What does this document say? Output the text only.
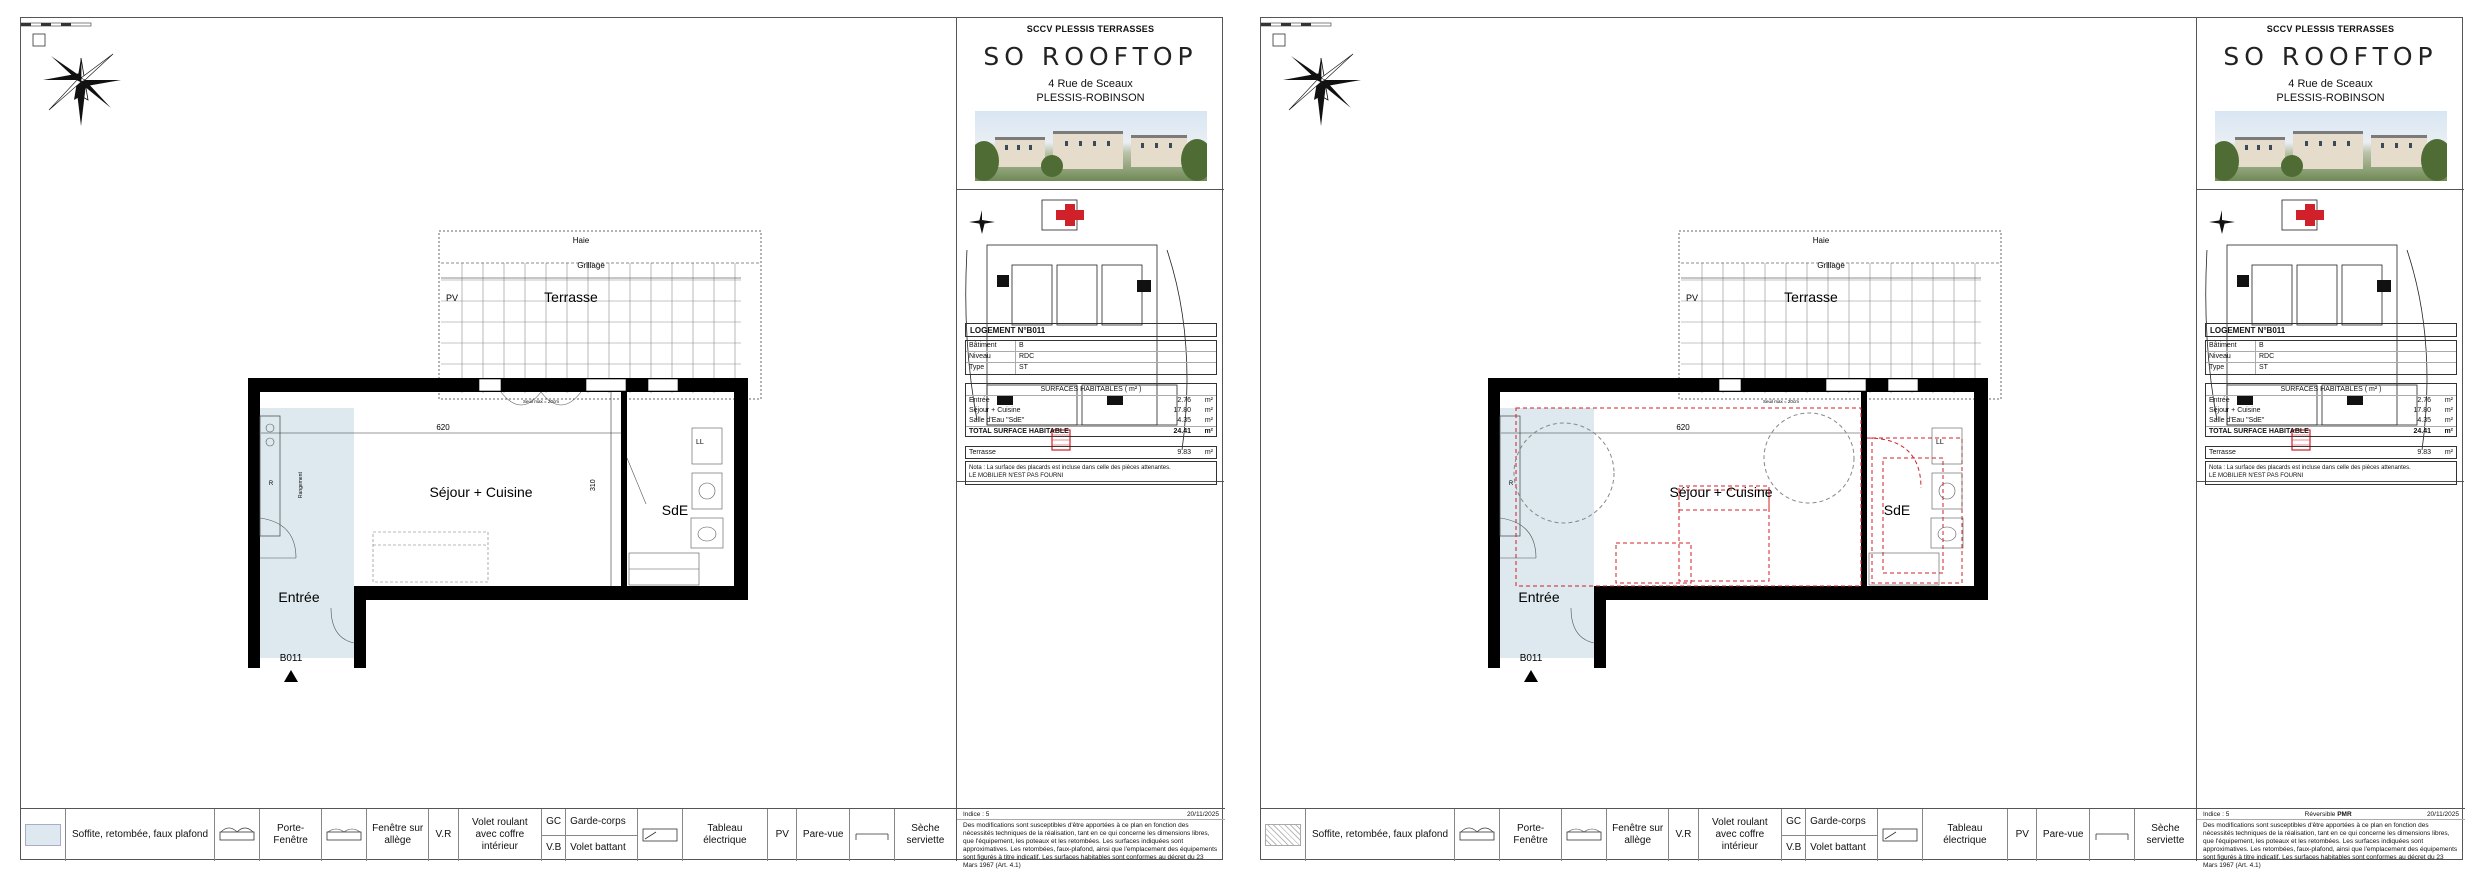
Haie
Grillage
PV	Terrasse
Seuil max = 20cm
R	Rangement
620
310
Séjour + Cuisine
LL
SdE
Entrée
B011
Soffite, retombée, faux plafond
Porte-
Fenêtre
Fenêtre sur
allège
V.R
Volet roulant
avec coffre
intérieur
GC
V.B
Garde-corps
Volet battant
Tableau électrique
PV	Pare-vue
Sèche
serviette
SCCV PLESSIS TERRASSES
SO ROOFTOP
4 Rue de Sceaux
PLESSIS-ROBINSON
LOGEMENT N°B011
Bâtiment	B
Niveau	RDC
Type	ST
SURFACES HABITABLES ( m² )
Entrée	2.76	m²
Séjour + Cuisine	17.80	m²
Salle d'Eau "SdE"	4.35	m²
TOTAL SURFACE HABITABLE	24.41	m²
Terrasse	9.83	m²
Nota : La surface des placards est incluse dans celle des pièces attenantes.
LE MOBILIER N'EST PAS FOURNI
Indice : 5	20/11/2025
Des modifications sont susceptibles d'être apportées à ce plan en fonction des nécessités techniques de la réalisation, tant en ce qui concerne les dimensions libres, que l'équipement, les poteaux et les retombées. Les surfaces indiquées sont approximatives. Les retombées, faux-plafond, ainsi que l'emplacement des équipements sont figurés à titre indicatif. Les surfaces habitables sont conformes au décret du 23 Mars 1967 (Art. 4.1)
Haie
Grillage
PV	Terrasse
Seuil max = 20cm
R
620
Séjour + Cuisine
LL
SdE
Entrée
B011
Soffite, retombée, faux plafond
Porte-
Fenêtre
Fenêtre sur
allège
V.R
Volet roulant
avec coffre
intérieur
GC
V.B
Garde-corps
Volet battant
Tableau électrique
PV	Pare-vue
Sèche
serviette
SCCV PLESSIS TERRASSES
SO ROOFTOP
4 Rue de Sceaux
PLESSIS-ROBINSON
LOGEMENT N°B011
Bâtiment	B
Niveau	RDC
Type	ST
SURFACES HABITABLES ( m² )
Entrée	2.76	m²
Séjour + Cuisine	17.80	m²
Salle d'Eau "SdE"	4.35	m²
TOTAL SURFACE HABITABLE	24.41	m²
Terrasse	9.83	m²
Nota : La surface des placards est incluse dans celle des pièces attenantes.
LE MOBILIER N'EST PAS FOURNI
Indice : 5	Réversible PMR	20/11/2025
Des modifications sont susceptibles d'être apportées à ce plan en fonction des nécessités techniques de la réalisation, tant en ce qui concerne les dimensions libres, que l'équipement, les poteaux et les retombées. Les surfaces indiquées sont approximatives. Les retombées, faux-plafond, ainsi que l'emplacement des équipements sont figurés à titre indicatif. Les surfaces habitables sont conformes au décret du 23 Mars 1967 (Art. 4.1)
